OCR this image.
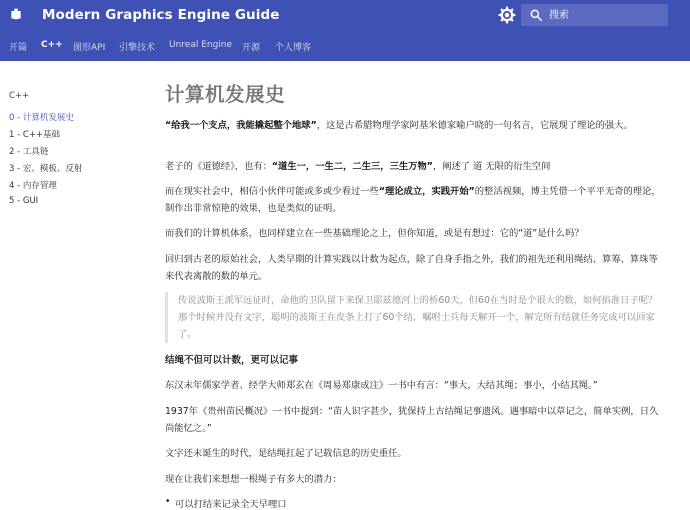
Modern Graphics Engine Guide
搜索
开篇 C++ 图形API 引擎技术 Unreal Engine 开源 个人博客
C++
0 - 计算机发展史
1 - C++基础
2 - 工具链
3 - 宏、模板、反射
4 - 内存管理
5 - GUI
计算机发展史
“给我一个支点，我能撬起整个地球”，这是古希腊物理学家阿基米德家喻户晓的一句名言，它展现了理论的强大。
老子的《道德经》，也有：“道生一，一生二，二生三，三生万物”，阐述了 道 无限的衍生空间
而在现实社会中，相信小伙伴可能或多或少看过一些“理论成立，实践开始”的整活视频，博主凭借一个平平无奇的理论，制作出非常惊艳的效果，也是类似的证明。
而我们的计算机体系，也同样建立在一些基础理论之上，但你知道，或是有想过：它的“道”是什么吗？
回归到古老的原始社会，人类早期的计算实践以计数为起点，除了自身手指之外，我们的祖先还利用绳结、算筹、算珠等来代表离散的数的单元。
传说波斯王派军远征时，命他的卫队留下来保卫耶兹德河上的桥60天，但60在当时是个很大的数，如何掐准日子呢？那个时候并没有文字，聪明的波斯王在皮条上打了60个结，嘱咐士兵每天解开一个，解完所有结就任务完成可以回家了。
结绳不但可以计数，更可以记事
东汉末年儒家学者、经学大师郑玄在《周易郑康成注》一书中有言：“事大，大结其绳；事小，小结其绳。”
1937年《贵州苗民概况》一书中提到：“苗人识字甚少，犹保持上古结绳记事遗风。遇事暗中以草记之，简单实例，日久尚能忆之。”
文字还未诞生的时代，是结绳扛起了记载信息的历史重任。
现在让我们来想想一根绳子有多大的潜力：
• 可以打结来记录全天早哩口
